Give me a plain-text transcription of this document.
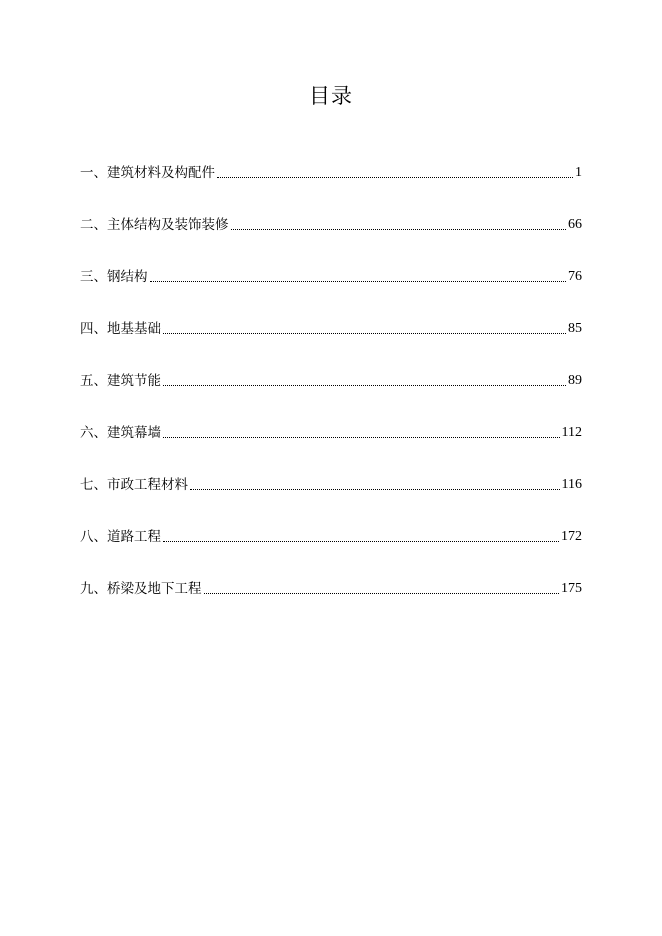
目录
一、建筑材料及构配件	1
二、主体结构及装饰装修	66
三、钢结构	76
四、地基基础	85
五、建筑节能	89
六、建筑幕墙	112
七、市政工程材料	116
八、道路工程	172
九、桥梁及地下工程	175
